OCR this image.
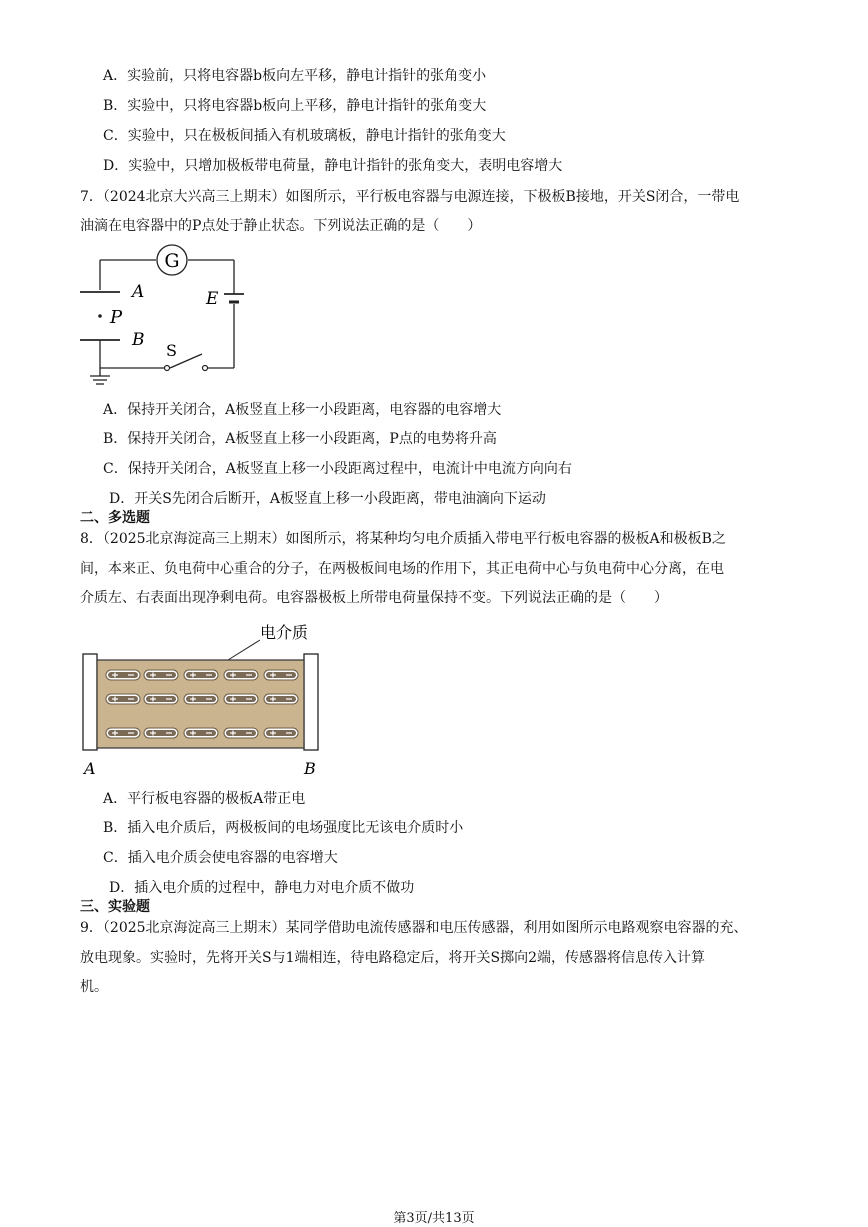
A．实验前，只将电容器b板向左平移，静电计指针的张角变小
B．实验中，只将电容器b板向上平移，静电计指针的张角变大
C．实验中，只在极板间插入有机玻璃板，静电计指针的张角变大
D．实验中，只增加极板带电荷量，静电计指针的张角变大，表明电容增大
7．（2024北京大兴高三上期末）如图所示，平行板电容器与电源连接，下极板B接地，开关S闭合，一带电
油滴在电容器中的P点处于静止状态。下列说法正确的是（　　）
G
A
P
B
S
E
A．保持开关闭合，A板竖直上移一小段距离，电容器的电容增大
B．保持开关闭合，A板竖直上移一小段距离，P点的电势将升高
C．保持开关闭合，A板竖直上移一小段距离过程中，电流计中电流方向向右
D．开关S先闭合后断开，A板竖直上移一小段距离，带电油滴向下运动
二、多选题
8．（2025北京海淀高三上期末）如图所示，将某种均匀电介质插入带电平行板电容器的极板A和极板B之
间，本来正、负电荷中心重合的分子，在两极板间电场的作用下，其正电荷中心与负电荷中心分离，在电
介质左、右表面出现净剩电荷。电容器极板上所带电荷量保持不变。下列说法正确的是（　　）
电介质
A	B
A．平行板电容器的极板A带正电
B．插入电介质后，两极板间的电场强度比无该电介质时小
C．插入电介质会使电容器的电容增大
D．插入电介质的过程中，静电力对电介质不做功
三、实验题
9．（2025北京海淀高三上期末）某同学借助电流传感器和电压传感器，利用如图所示电路观察电容器的充、
放电现象。实验时，先将开关S与1端相连，待电路稳定后，将开关S掷向2端，传感器将信息传入计算
机。
第3页/共13页
